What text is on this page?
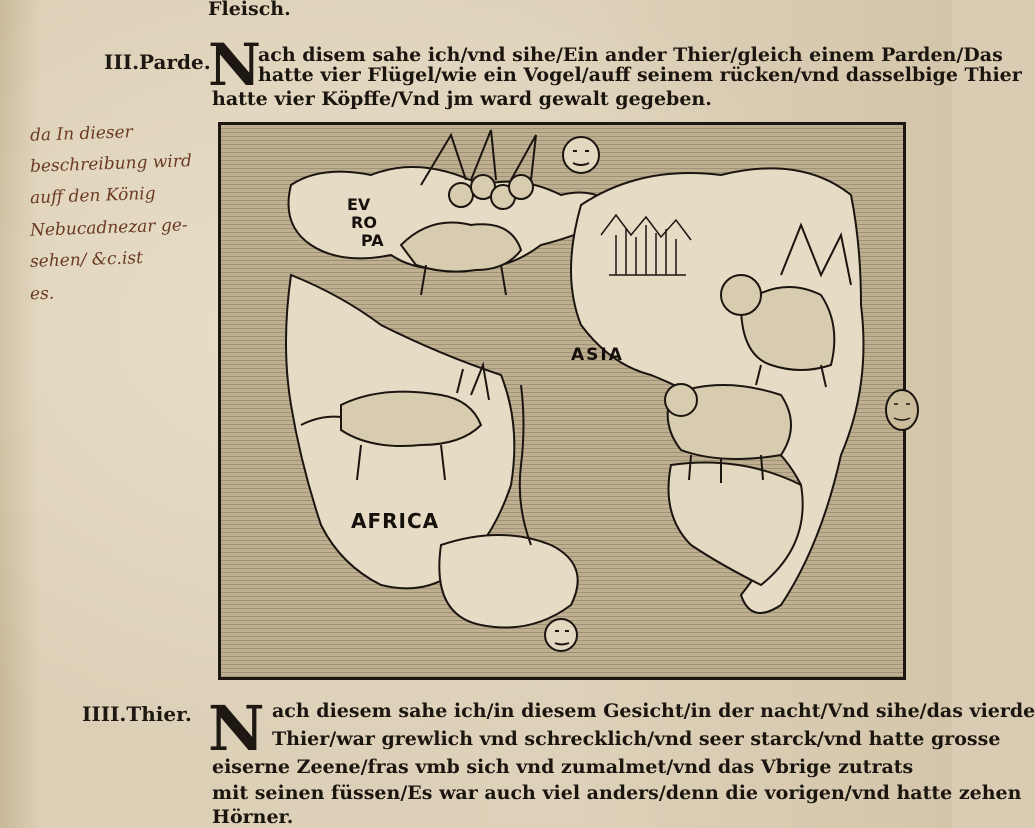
Fleisch.
III.Parde.
N
ach disem sahe ich/vnd sihe/Ein ander Thier/gleich einem Parden/Das
hatte vier Flügel/wie ein Vogel/auff seinem rücken/vnd dasselbige Thier
hatte vier Köpffe/Vnd jm ward gewalt gegeben.
da In dieser
beschreibung wird
auff den König
Nebucadnezar ge-
sehen/ &c.ist
es.
EV
RO
PA
ASIA
AFRICA
IIII.Thier. N ach diesem sahe ich/in diesem Gesicht/in der nacht/Vnd sihe/das vierde
Thier/war grewlich vnd schrecklich/vnd seer starck/vnd hatte grosse
eiserne Zeene/fras vmb sich vnd zumalmet/vnd das Vbrige zutrats
mit seinen füssen/Es war auch viel anders/denn die vorigen/vnd hatte zehen
Hörner.
